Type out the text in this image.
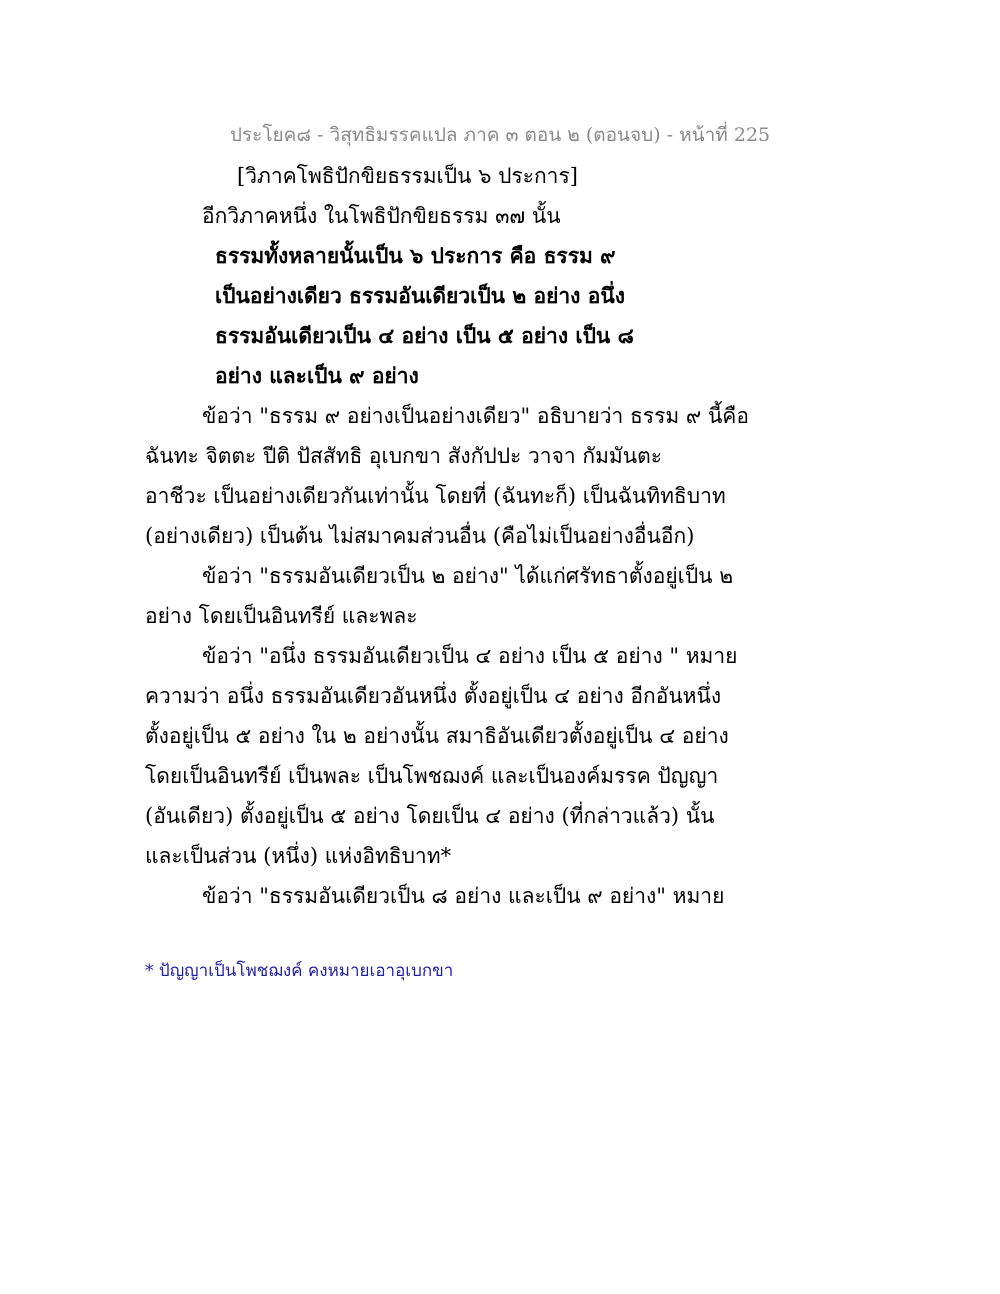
ประโยค๘ - วิสุทธิมรรคแปล ภาค ๓ ตอน ๒ (ตอนจบ) - หน้าที่ 225
[วิภาคโพธิปักขิยธรรมเป็น ๖ ประการ]
อีกวิภาคหนึ่ง ในโพธิปักขิยธรรม ๓๗ นั้น
ธรรมทั้งหลายนั้นเป็น ๖ ประการ คือ ธรรม ๙
เป็นอย่างเดียว ธรรมอันเดียวเป็น ๒ อย่าง อนึ่ง
ธรรมอันเดียวเป็น ๔ อย่าง เป็น ๕ อย่าง เป็น ๘
อย่าง และเป็น ๙ อย่าง
ข้อว่า "ธรรม ๙ อย่างเป็นอย่างเดียว" อธิบายว่า ธรรม ๙ นี้คือ
ฉันทะ จิตตะ ปีติ ปัสสัทธิ อุเบกขา สังกัปปะ วาจา กัมมันตะ
อาชีวะ เป็นอย่างเดียวกันเท่านั้น โดยที่ (ฉันทะก็) เป็นฉันทิทธิบาท
(อย่างเดียว) เป็นต้น ไม่สมาคมส่วนอื่น (คือไม่เป็นอย่างอื่นอีก)
ข้อว่า "ธรรมอันเดียวเป็น ๒ อย่าง" ได้แก่ศรัทธาตั้งอยู่เป็น ๒
อย่าง โดยเป็นอินทรีย์ และพละ
ข้อว่า "อนึ่ง ธรรมอันเดียวเป็น ๔ อย่าง เป็น ๕ อย่าง " หมาย
ความว่า อนึ่ง ธรรมอันเดียวอันหนึ่ง ตั้งอยู่เป็น ๔ อย่าง อีกอันหนึ่ง
ตั้งอยู่เป็น ๕ อย่าง ใน ๒ อย่างนั้น สมาธิอันเดียวตั้งอยู่เป็น ๔ อย่าง
โดยเป็นอินทรีย์ เป็นพละ เป็นโพชฌงค์ และเป็นองค์มรรค ปัญญา
(อันเดียว) ตั้งอยู่เป็น ๕ อย่าง โดยเป็น ๔ อย่าง (ที่กล่าวแล้ว) นั้น
และเป็นส่วน (หนึ่ง) แห่งอิทธิบาท*
ข้อว่า "ธรรมอันเดียวเป็น ๘ อย่าง และเป็น ๙ อย่าง" หมาย
* ปัญญาเป็นโพชฌงค์ คงหมายเอาอุเบกขา
